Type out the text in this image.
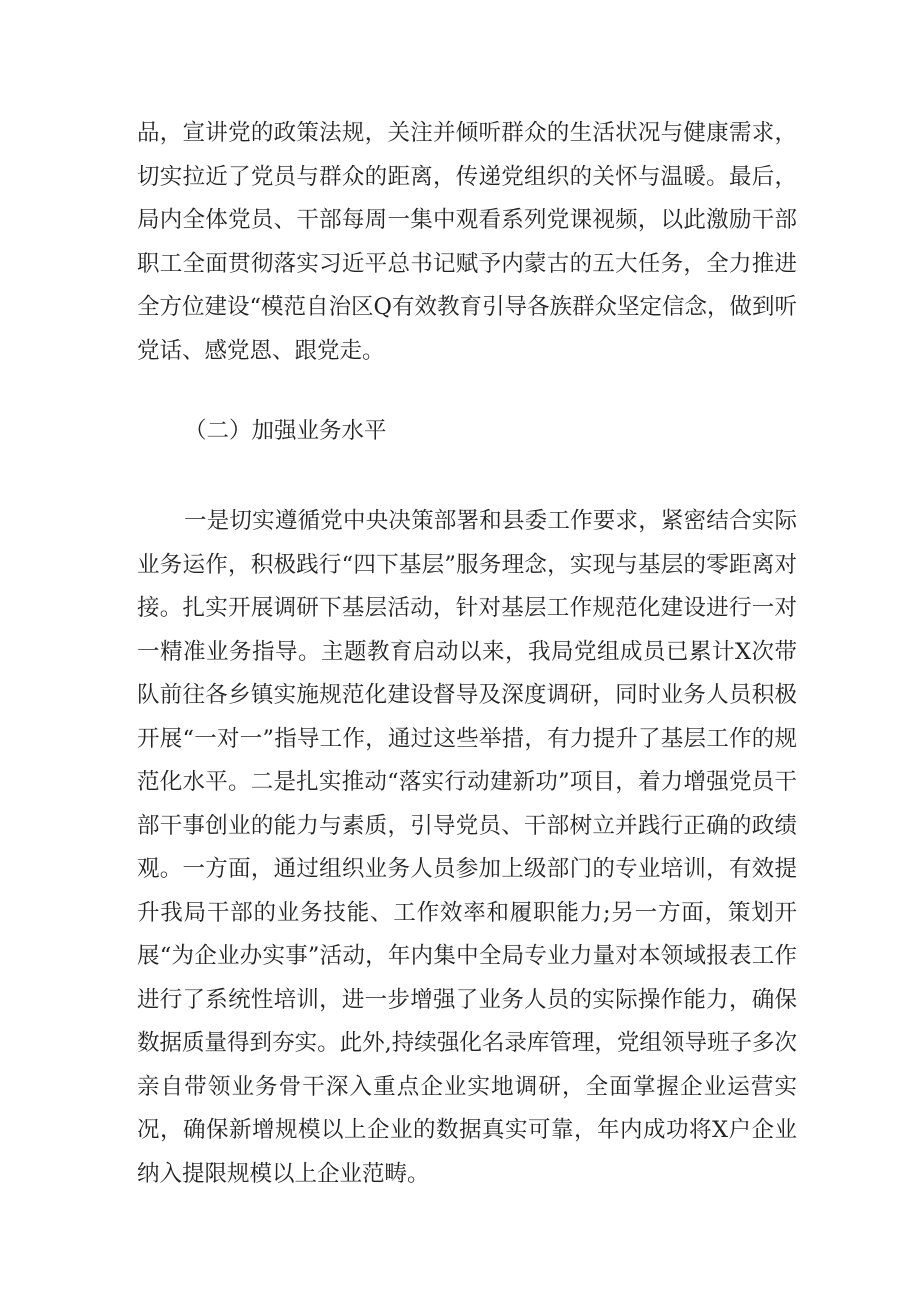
品，宣讲党的政策法规，关注并倾听群众的生活状况与健康需求，切实拉近了党员与群众的距离，传递党组织的关怀与温暖。最后，局内全体党员、干部每周一集中观看系列党课视频，以此激励干部职工全面贯彻落实习近平总书记赋予内蒙古的五大任务，全力推进全方位建设“模范自治区Q有效教育引导各族群众坚定信念，做到听党话、感党恩、跟党走。

（二）加强业务水平

一是切实遵循党中央决策部署和县委工作要求，紧密结合实际业务运作，积极践行“四下基层”服务理念，实现与基层的零距离对接。扎实开展调研下基层活动，针对基层工作规范化建设进行一对一精准业务指导。主题教育启动以来，我局党组成员已累计X次带队前往各乡镇实施规范化建设督导及深度调研，同时业务人员积极开展“一对一”指导工作，通过这些举措，有力提升了基层工作的规范化水平。二是扎实推动“落实行动建新功”项目，着力增强党员干部干事创业的能力与素质，引导党员、干部树立并践行正确的政绩观。一方面，通过组织业务人员参加上级部门的专业培训，有效提升我局干部的业务技能、工作效率和履职能力;另一方面，策划开展“为企业办实事”活动，年内集中全局专业力量对本领域报表工作进行了系统性培训，进一步增强了业务人员的实际操作能力，确保数据质量得到夯实。此外,持续强化名录库管理，党组领导班子多次亲自带领业务骨干深入重点企业实地调研，全面掌握企业运营实况，确保新增规模以上企业的数据真实可靠，年内成功将X户企业纳入提限规模以上企业范畴。
